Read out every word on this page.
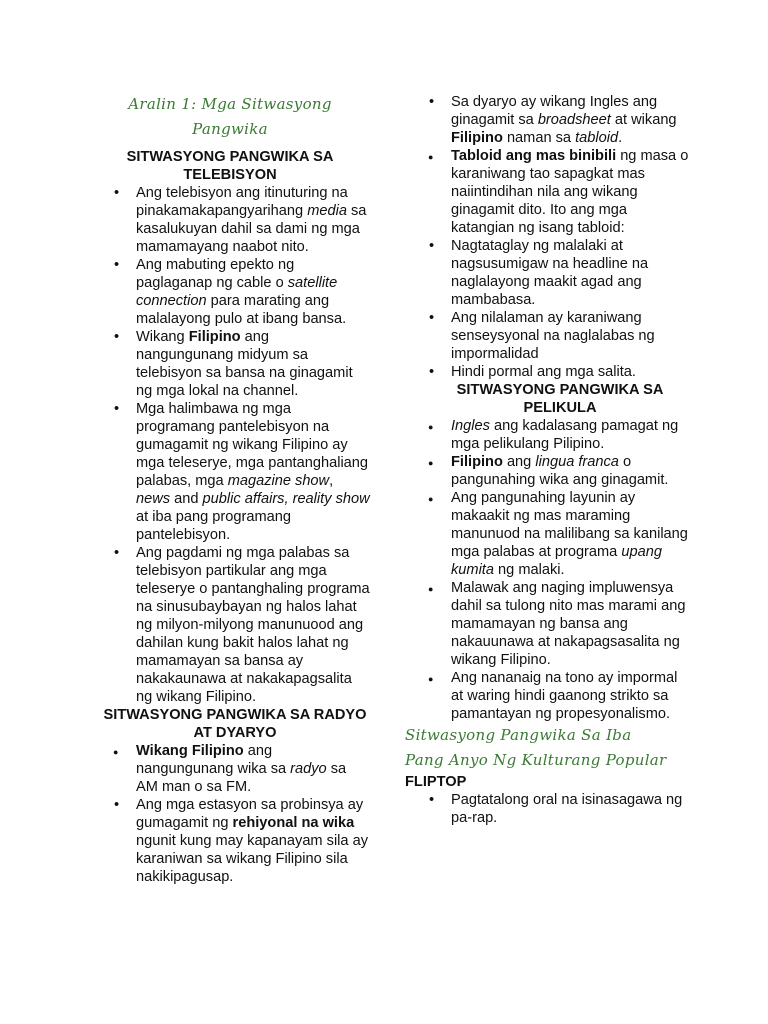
Aralin 1: Mga Sitwasyong
Pangwika
SITWASYONG PANGWIKA SA
TELEBISYON
• Ang telebisyon ang itinuturing na pinakamakapangyarihang media sa kasalukuyan dahil sa dami ng mga mamamayang naabot nito.
• Ang mabuting epekto ng paglaganap ng cable o satellite connection para marating ang malalayong pulo at ibang bansa.
• Wikang Filipino ang nangungunang midyum sa telebisyon sa bansa na ginagamit ng mga lokal na channel.
• Mga halimbawa ng mga programang pantelebisyon na gumagamit ng wikang Filipino ay mga teleserye, mga pantanghaliang palabas, mga magazine show, news and public affairs, reality show at iba pang programang pantelebisyon.
• Ang pagdami ng mga palabas sa telebisyon partikular ang mga teleserye o pantanghaling programa na sinusubaybayan ng halos lahat ng milyon-milyong manunuood ang dahilan kung bakit halos lahat ng mamamayan sa bansa ay nakakaunawa at nakakapagsalita ng wikang Filipino.
SITWASYONG PANGWIKA SA RADYO
AT DYARYO
● Wikang Filipino ang nangungunang wika sa radyo sa AM man o sa FM.
• Ang mga estasyon sa probinsya ay gumagamit ng rehiyonal na wika ngunit kung may kapanayam sila ay karaniwan sa wikang Filipino sila nakikipagusap.
• Sa dyaryo ay wikang Ingles ang ginagamit sa broadsheet at wikang Filipino naman sa tabloid.
● Tabloid ang mas binibili ng masa o karaniwang tao sapagkat mas naiintindihan nila ang wikang ginagamit dito. Ito ang mga katangian ng isang tabloid:
• Nagtataglay ng malalaki at nagsusumigaw na headline na naglalayong maakit agad ang mambabasa.
• Ang nilalaman ay karaniwang senseysyonal na naglalabas ng impormalidad
• Hindi pormal ang mga salita.
SITWASYONG PANGWIKA SA
PELIKULA
● Ingles ang kadalasang pamagat ng mga pelikulang Pilipino.
● Filipino ang lingua franca o pangunahing wika ang ginagamit.
● Ang pangunahing layunin ay makaakit ng mas maraming manunuod na malilibang sa kanilang mga palabas at programa upang kumita ng malaki.
● Malawak ang naging impluwensya dahil sa tulong nito mas marami ang mamamayan ng bansa ang nakauunawa at nakapagsasalita ng wikang Filipino.
● Ang nananaig na tono ay impormal at waring hindi gaanong strikto sa pamantayan ng propesyonalismo.
Sitwasyong Pangwika Sa Iba
Pang Anyo Ng Kulturang Popular
FLIPTOP
• Pagtatalong oral na isinasagawa ng pa-rap.
